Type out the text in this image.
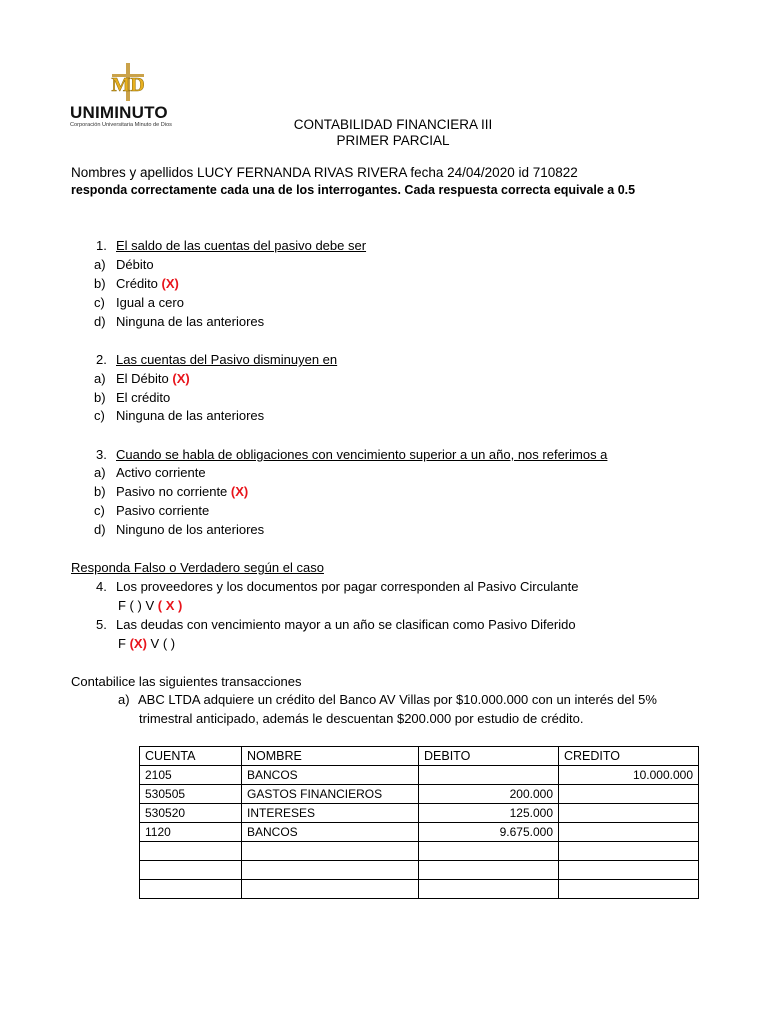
MD
UNIMINUTO
Corporación Universitaria Minuto de Dios	CONTABILIDAD FINANCIERA III
PRIMER PARCIAL
Nombres y apellidos LUCY FERNANDA RIVAS RIVERA fecha 24/04/2020 id 710822
responda correctamente cada una de los interrogantes. Cada respuesta correcta equivale a 0.5
1. El saldo de las cuentas del pasivo debe ser
a) Débito
b) Crédito (X)
c) Igual a cero
d) Ninguna de las anteriores
2. Las cuentas del Pasivo disminuyen en
a) El Débito (X)
b) El crédito
c) Ninguna de las anteriores
3. Cuando se habla de obligaciones con vencimiento superior a un año, nos referimos a
a) Activo corriente
b) Pasivo no corriente (X)
c) Pasivo corriente
d) Ninguno de los anteriores
Responda Falso o Verdadero según el caso
4. Los proveedores y los documentos por pagar corresponden al Pasivo Circulante
F ( ) V ( X )
5. Las deudas con vencimiento mayor a un año se clasifican como Pasivo Diferido
F (X) V ( )
Contabilice las siguientes transacciones
a) ABC LTDA adquiere un crédito del Banco AV Villas por $10.000.000 con un interés del 5%
trimestral anticipado, además le descuentan $200.000 por estudio de crédito.
CUENTA	NOMBRE	DEBITO	CREDITO
2105	BANCOS		10.000.000
530505	GASTOS FINANCIEROS	200.000	
530520	INTERESES	125.000	
1120	BANCOS	9.675.000	
